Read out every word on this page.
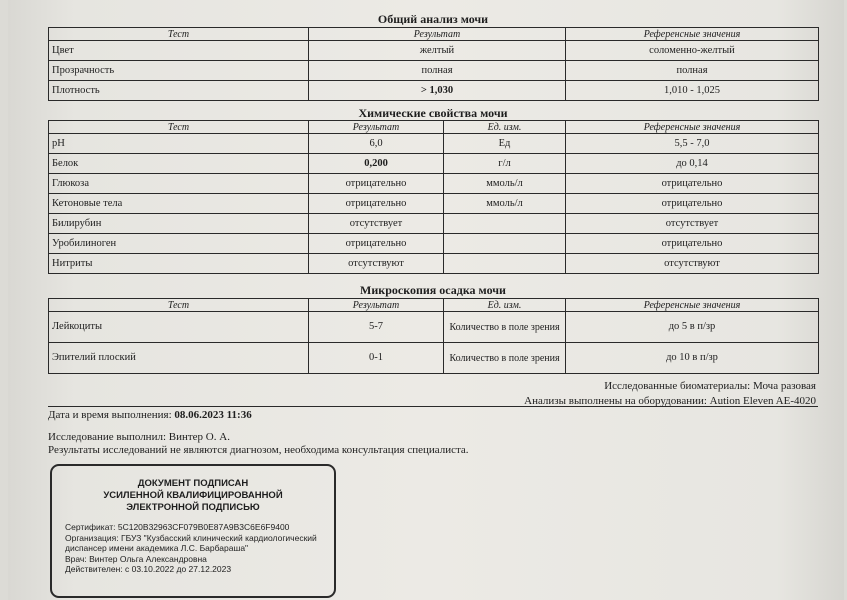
Общий анализ мочи
Тест	Результат	Референсные значения
Цвет	желтый	соломенно-желтый
Прозрачность	полная	полная
Плотность	> 1,030	1,010 - 1,025
Химические свойства мочи
Тест	Результат	Ед. изм.	Референсные значения
pH	6,0	Ед	5,5 - 7,0
Белок	0,200	г/л	до 0,14
Глюкоза	отрицательно	ммоль/л	отрицательно
Кетоновые тела	отрицательно	ммоль/л	отрицательно
Билирубин	отсутствует		отсутствует
Уробилиноген	отрицательно		отрицательно
Нитриты	отсутствуют		отсутствуют
Микроскопия осадка мочи
Тест	Результат	Ед. изм.	Референсные значения
Лейкоциты	5-7	Количество в поле зрения	до 5 в п/зр
Эпителий плоский	0-1	Количество в поле зрения	до 10 в п/зр
Исследованные биоматериалы: Моча разовая
Анализы выполнены на оборудовании: Aution Eleven AE-4020
Дата и время выполнения: 08.06.2023 11:36
Исследование выполнил: Винтер О. А.
Результаты исследований не являются диагнозом, необходима консультация специалиста.
ДОКУМЕНТ ПОДПИСАН
УСИЛЕННОЙ КВАЛИФИЦИРОВАННОЙ
ЭЛЕКТРОННОЙ ПОДПИСЬЮ
Сертификат: 5C120B32963CF079B0E87A9B3C6E6F9400
Организация: ГБУЗ "Кузбасский клинический кардиологический диспансер имени академика Л.С. Барбараша"
Врач: Винтер Ольга Александровна
Действителен: с 03.10.2022 до 27.12.2023
